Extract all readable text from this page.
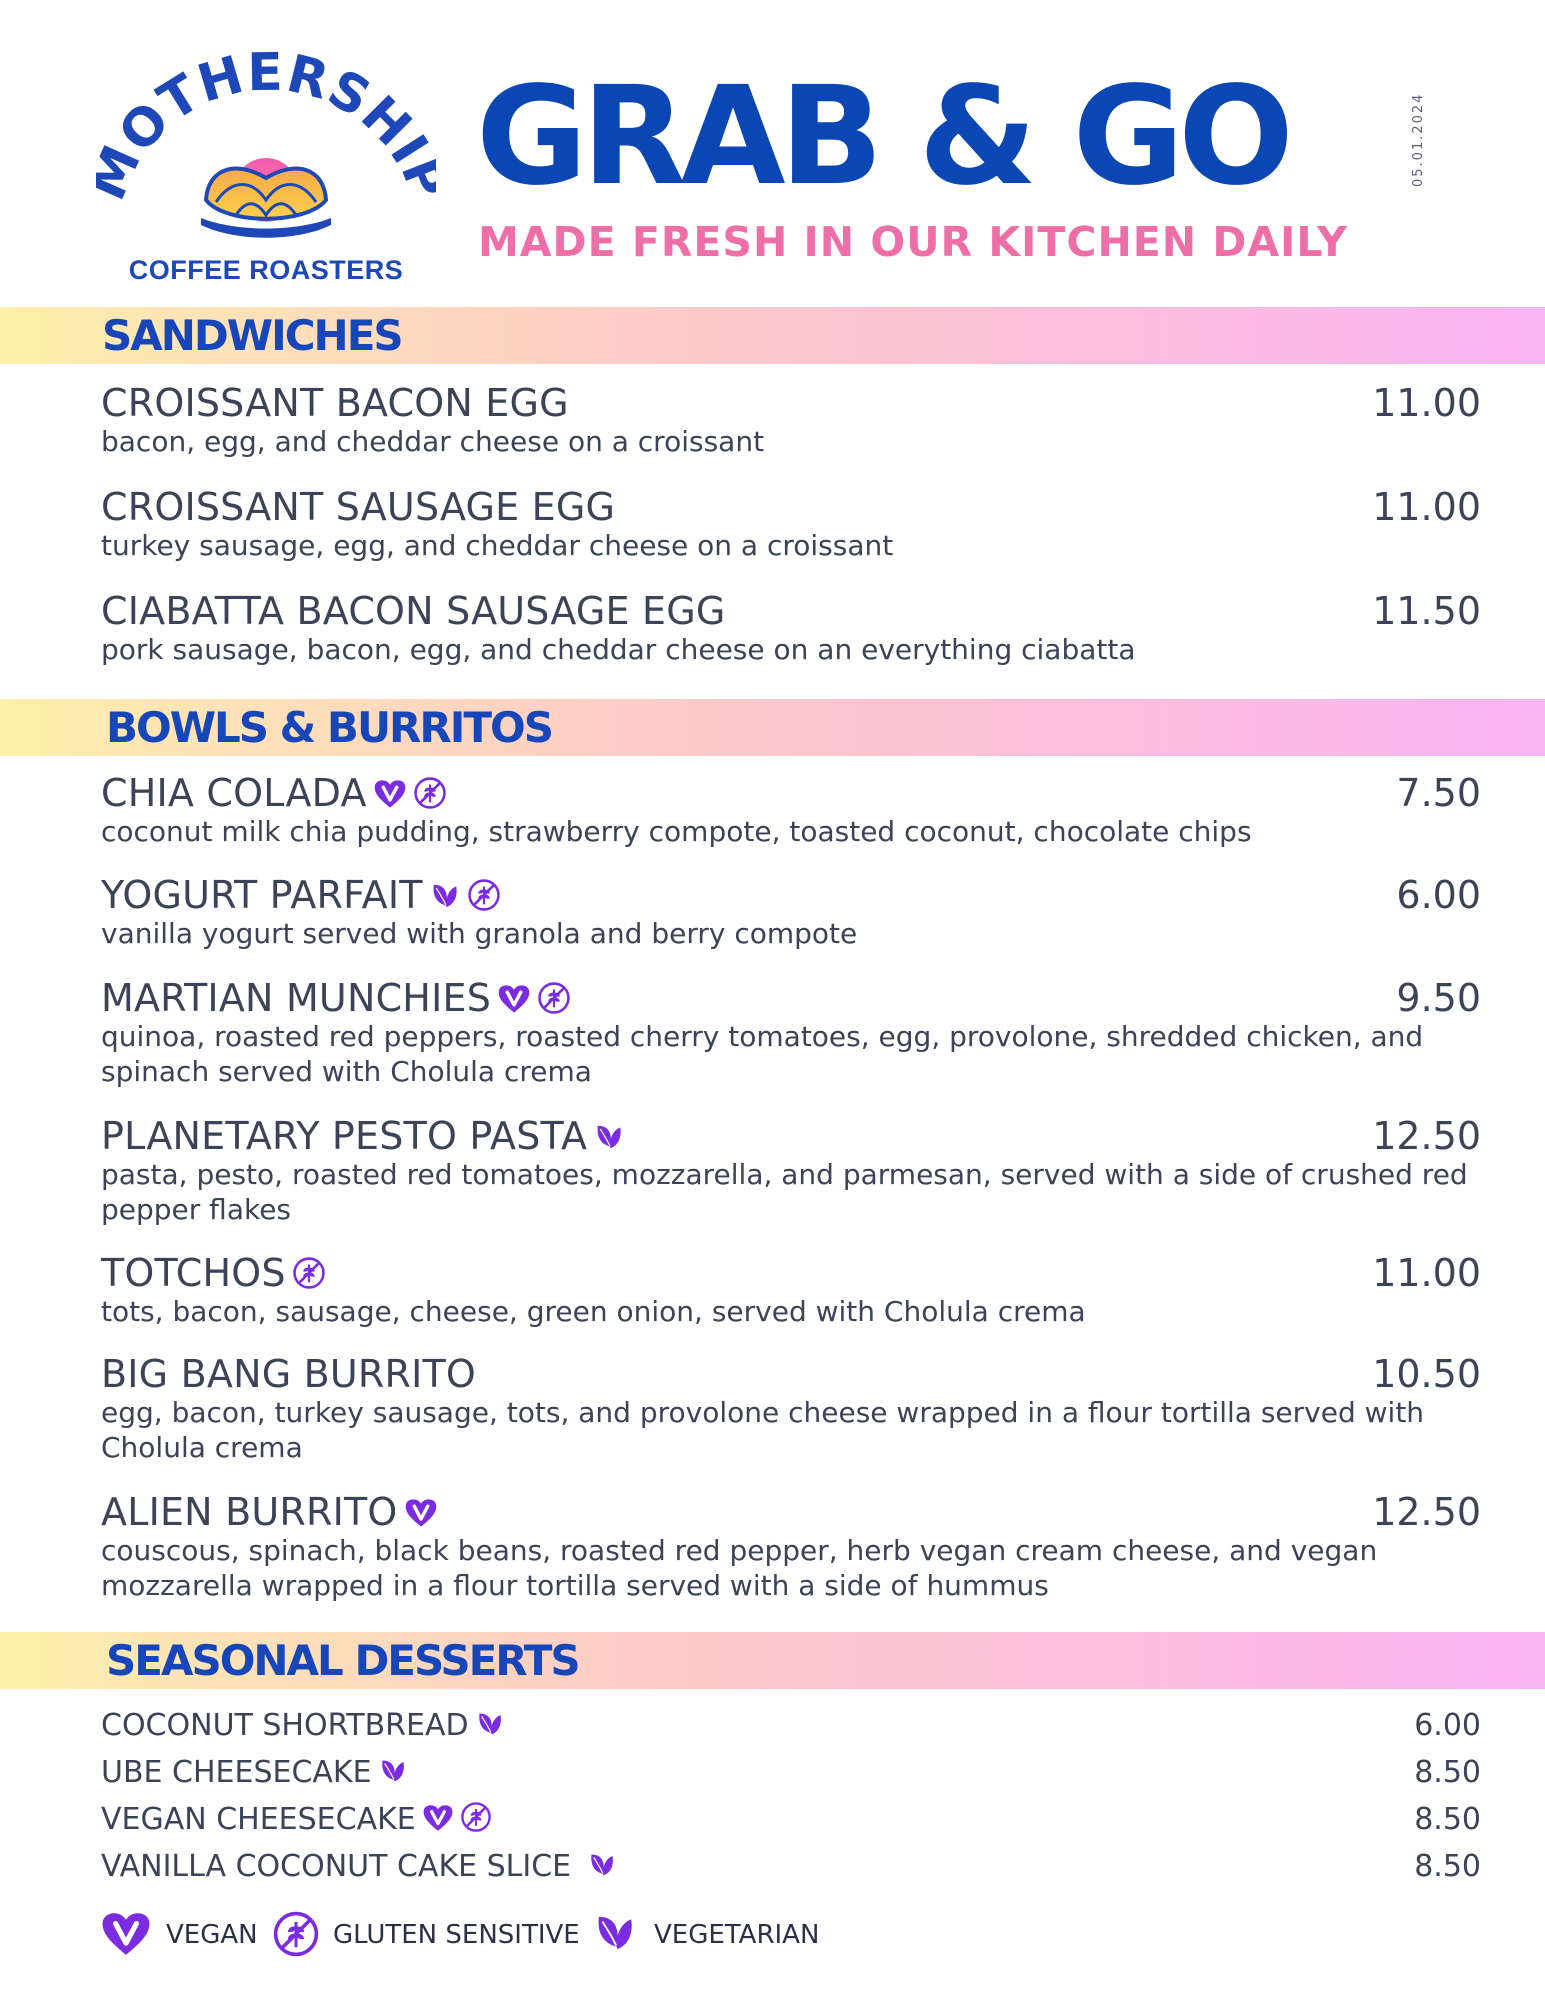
OTHERSHI
COFFEE ROASTERS
GRAB & GO
MADE FRESH IN OUR KITCHEN DAILY
05.01.2024
SANDWICHES
CROISSANT BACON EGG	11.00
bacon, egg, and cheddar cheese on a croissant
CROISSANT SAUSAGE EGG	11.00
turkey sausage, egg, and cheddar cheese on a croissant
CIABATTA BACON SAUSAGE EGG	11.50
pork sausage, bacon, egg, and cheddar cheese on an everything ciabatta
BOWLS & BURRITOS
CHIA COLADA	7.50
coconut milk chia pudding, strawberry compote, toasted coconut, chocolate chips
YOGURT PARFAIT	6.00
vanilla yogurt served with granola and berry compote
MARTIAN MUNCHIES	9.50
quinoa, roasted red peppers, roasted cherry tomatoes, egg, provolone, shredded chicken, and spinach served with Cholula crema
PLANETARY PESTO PASTA	12.50
pasta, pesto, roasted red tomatoes, mozzarella, and parmesan, served with a side of crushed red pepper flakes
TOTCHOS	11.00
tots, bacon, sausage, cheese, green onion, served with Cholula crema
BIG BANG BURRITO	10.50
egg, bacon, turkey sausage, tots, and provolone cheese wrapped in a flour tortilla served with Cholula crema
ALIEN BURRITO	12.50
couscous, spinach, black beans, roasted red pepper, herb vegan cream cheese, and vegan mozzarella wrapped in a flour tortilla served with a side of hummus
SEASONAL DESSERTS
COCONUT SHORTBREAD	6.00
UBE CHEESECAKE	8.50
VEGAN CHEESECAKE	8.50
VANILLA COCONUT CAKE SLICE	8.50
VEGAN	GLUTEN SENSITIVE	VEGETARIAN
